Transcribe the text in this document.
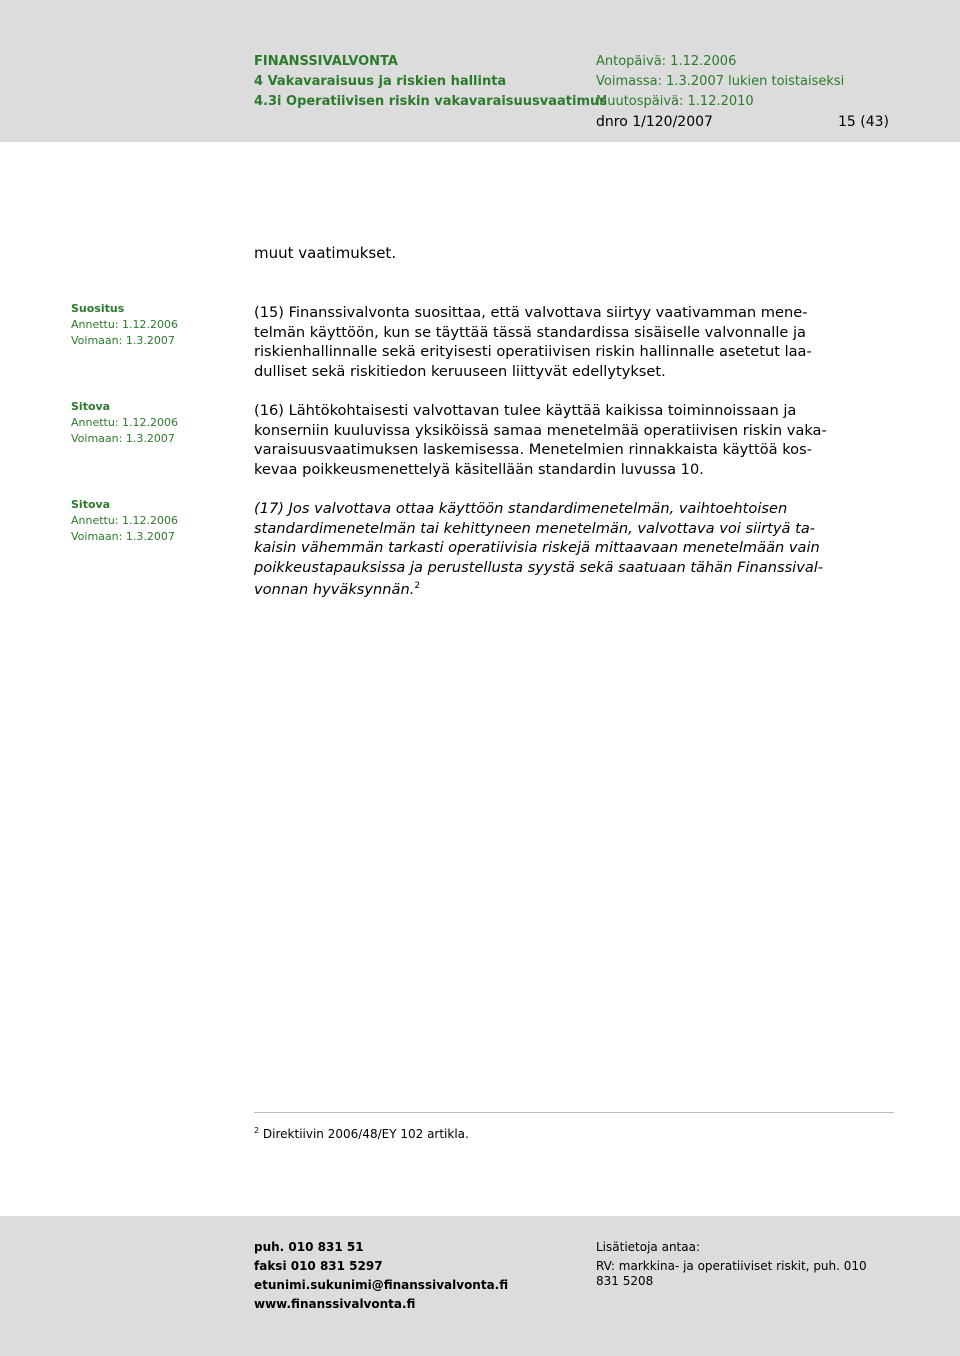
FINANSSIVALVONTA
4 Vakavaraisuus ja riskien hallinta
4.3i Operatiivisen riskin vakavaraisuusvaatimus
Antopäivä: 1.12.2006
Voimassa: 1.3.2007 lukien toistaiseksi
Muutospäivä: 1.12.2010
dnro 1/120/2007	15 (43)
muut vaatimukset.
Suositus
Annettu: 1.12.2006
Voimaan: 1.3.2007
Sitova
Annettu: 1.12.2006
Voimaan: 1.3.2007
Sitova
Annettu: 1.12.2006
Voimaan: 1.3.2007
(15) Finanssivalvonta suosittaa, että valvottava siirtyy vaativamman mene-
telmän käyttöön, kun se täyttää tässä standardissa sisäiselle valvonnalle ja
riskienhallinnalle sekä erityisesti operatiivisen riskin hallinnalle asetetut laa-
dulliset sekä riskitiedon keruuseen liittyvät edellytykset.
(16) Lähtökohtaisesti valvottavan tulee käyttää kaikissa toiminnoissaan ja
konserniin kuuluvissa yksiköissä samaa menetelmää operatiivisen riskin vaka-
varaisuusvaatimuksen laskemisessa. Menetelmien rinnakkaista käyttöä kos-
kevaa poikkeusmenettelyä käsitellään standardin luvussa 10.
(17) Jos valvottava ottaa käyttöön standardimenetelmän, vaihtoehtoisen
standardimenetelmän tai kehittyneen menetelmän, valvottava voi siirtyä ta-
kaisin vähemmän tarkasti operatiivisia riskejä mittaavaan menetelmään vain
poikkeustapauksissa ja perustellusta syystä sekä saatuaan tähän Finanssival-
vonnan hyväksynnän.$^2$
$^2$ Direktiivin 2006/48/EY 102 artikla.
puh. 010 831 51
faksi 010 831 5297
etunimi.sukunimi@finanssivalvonta.fi
www.finanssivalvonta.fi
Lisätietoja antaa:
RV: markkina- ja operatiiviset riskit, puh. 010
831 5208
